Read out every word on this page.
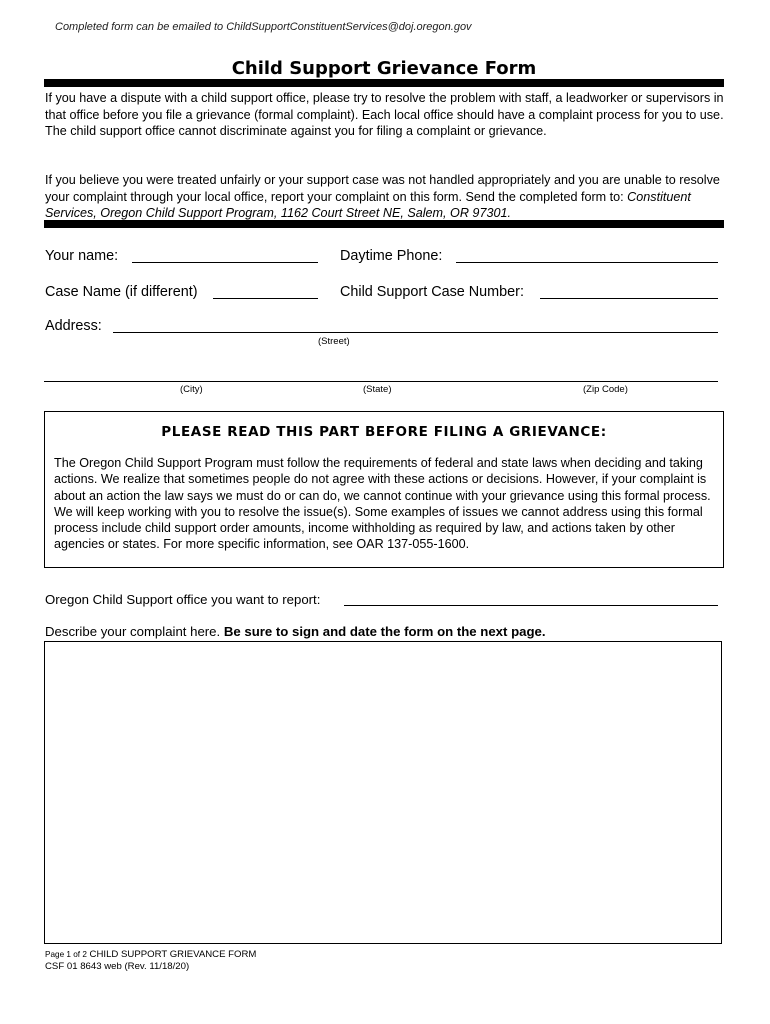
Completed form can be emailed to ChildSupportConstituentServices@doj.oregon.gov
Child Support Grievance Form
If you have a dispute with a child support office, please try to resolve the problem with staff, a leadworker or supervisors in that office before you file a grievance (formal complaint). Each local office should have a complaint process for you to use. The child support office cannot discriminate against you for filing a complaint or grievance.
If you believe you were treated unfairly or your support case was not handled appropriately and you are unable to resolve your complaint through your local office, report your complaint on this form. Send the completed form to: Constituent Services, Oregon Child Support Program, 1162 Court Street NE, Salem, OR 97301.
Your name:	Daytime Phone:
Case Name (if different)	Child Support Case Number:
Address:
(Street)
(City)	(State)	(Zip Code)
PLEASE READ THIS PART BEFORE FILING A GRIEVANCE:
The Oregon Child Support Program must follow the requirements of federal and state laws when deciding and taking actions. We realize that sometimes people do not agree with these actions or decisions. However, if your complaint is about an action the law says we must do or can do, we cannot continue with your grievance using this formal process. We will keep working with you to resolve the issue(s). Some examples of issues we cannot address using this formal process include child support order amounts, income withholding as required by law, and actions taken by other agencies or states. For more specific information, see OAR 137-055-1600.
Oregon Child Support office you want to report:
Describe your complaint here. Be sure to sign and date the form on the next page.
Page 1 of 2 CHILD SUPPORT GRIEVANCE FORM
CSF 01 8643 web (Rev. 11/18/20)
